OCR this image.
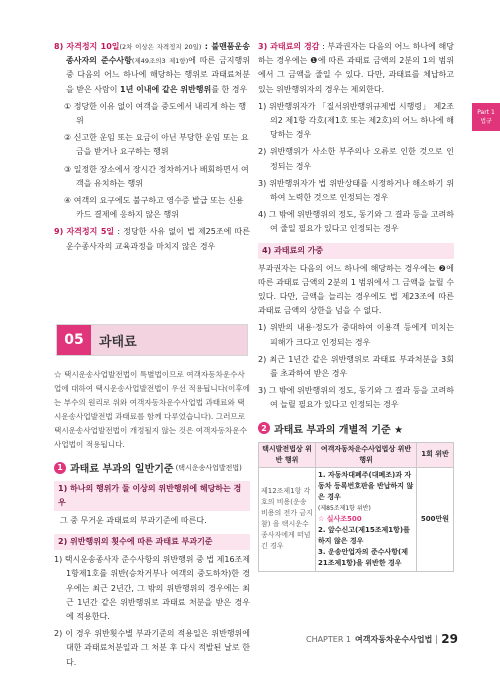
8) 자격정지 10일(2차 이상은 자격정지 20일) : 불맨품운송종사자의 준수사항(제49조의3 제1항)에 따른 금지행위 중 다음의 어느 하나에 해당하는 행위로 과태료처분을 받은 사람이 1년 이내에 같은 위반행위를 한 경우

① 정당한 이유 없이 여객을 중도에서 내리게 하는 행위

② 신고한 운임 또는 요금이 아닌 부당한 운임 또는 요금을 받거나 요구하는 행위

③ 일정한 장소에서 장시간 정차하거나 배회하면서 여객을 유치하는 행위

④ 여객의 요구에도 불구하고 영수증 발급 또는 신용카드 결제에 응하지 않은 행위

9) 자격정지 5일 : 정당한 사유 없이 법 제25조에 따른 운수종사자의 교육과정을 마치지 않은 경우

05	과태료

☆ 택시운송사업발전법이 특별법이므로 여객자동차운수사업에 대하여 택시운송사업발전법이 우선 적용됩니다(이후에는 부수의 원리로 위와 여객자동차운수사업법 과태료와 택시운송사업발전법 과태료를 함께 다루었습니다). 그러므로 택시운송사업발전법이 개정될지 않는 것은 여객자동차운수사업법이 적용됩니다.

1 과태료 부과의 일반기준 (택시운송사업발전법)
1) 하나의 행위가 둘 이상의 위반행위에 해당하는 경우

그 중 무거운 과태료의 부과기준에 따른다.

2) 위반행위의 횟수에 따른 과태료 부과기준

1) 택시운송종사자 준수사항의 위반행위 중 법 제16조제1항제1호를 위반(승차거부나 여객의 중도하차)한 경우에는 최근 2년간, 그 밖의 위반행위의 경우에는 최근 1년간 같은 위반행위로 과태료 처분을 받은 경우에 적용한다.

2) 이 경우 위반횟수별 부과기준의 적용일은 위반행위에 대한 과태료처분일과 그 처분 후 다시 적발된 날로 한다.

3) 과태료의 경감 : 부과권자는 다음의 어느 하나에 해당하는 경우에는 ❶에 따른 과태료 금액의 2분의 1의 범위에서 그 금액을 줄일 수 있다. 다만, 과태료를 체납하고 있는 위반행위자의 경우는 제외한다.

1) 위반행위자가 「질서위반행위규제법 시행령」 제2조의2 제1항 각호(제1호 또는 제2호)의 어느 하나에 해당하는 경우

2) 위반행위가 사소한 부주의나 오류로 인한 것으로 인정되는 경우

3) 위반행위자가 법 위반상태를 시정하거나 해소하기 위하여 노력한 것으로 인정되는 경우

4) 그 밖에 위반행위의 정도, 동기와 그 결과 등을 고려하여 줄일 필요가 있다고 인정되는 경우

4) 과태료의 가중

부과권자는 다음의 어느 하나에 해당하는 경우에는 ❷에 따른 과태료 금액의 2분의 1 범위에서 그 금액을 늘릴 수 있다. 다만, 금액을 늘리는 경우에도 법 제23조에 따른 과태료 금액의 상한을 넘을 수 없다.

1) 위반의 내용·정도가 중대하여 이용객 등에게 미치는 피해가 크다고 인정되는 경우

2) 최근 1년간 같은 위반행위로 과태료 부과처분을 3회를 초과하여 받은 경우

3) 그 밖에 위반행위의 정도, 동기와 그 결과 등을 고려하여 늘릴 필요가 있다고 인정되는 경우

2 과태료 부과의 개별적 기준 ★
택시발전법상 위반 행위	여객자동차운수사업법상 위반행위	1회 위반
제12조제1항 각호의 비용(운송비용의 전가 금지 참) 을 택시운수종사자에게 떠넘긴 경우	1. 자동차대폐주(대폐조)과 자동차 등록번호판을 반납하지 않은 경우
(제85조제1항 위반)
☆ 실사조500
2. 앞수신고(제15조제1항)를 하지 않은 경우
3. 운송안업자의 준수사항(제21조제1항)을 위반한 경우	500만원
Part 1
법규
CHAPTER 1 여객자동차운수사업법 29
